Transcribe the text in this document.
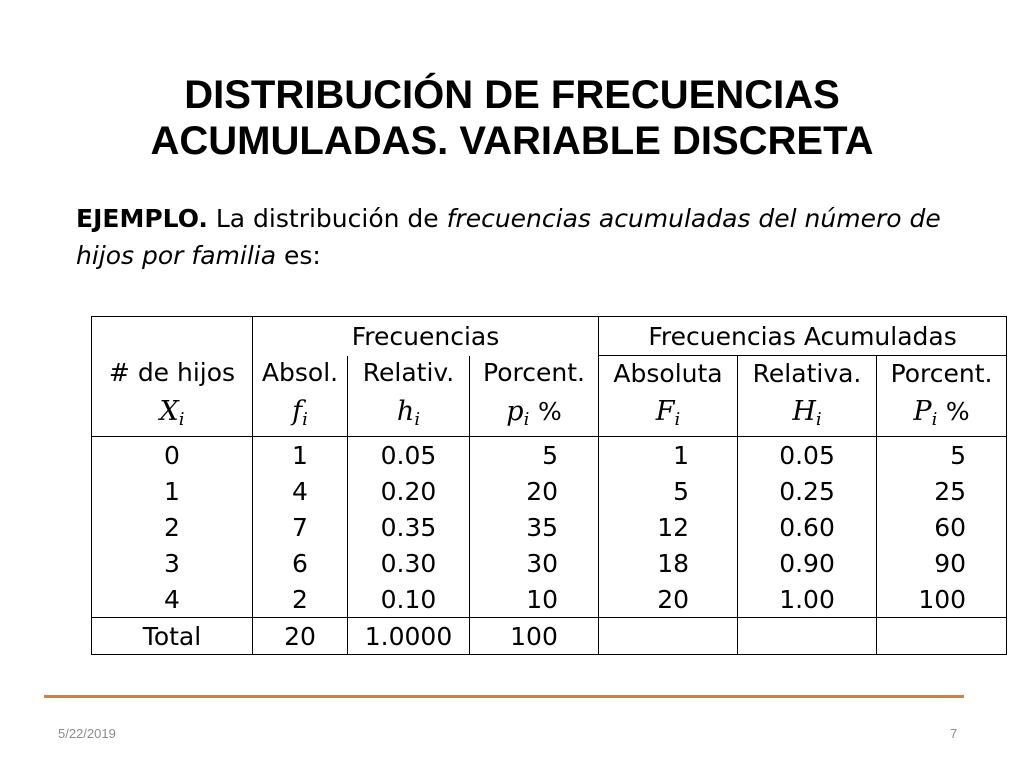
DISTRIBUCIÓN DE FRECUENCIAS
ACUMULADAS. VARIABLE DISCRETA

EJEMPLO. La distribución de frecuencias acumuladas del número de hijos por familia es:

	Frecuencias			Frecuencias Acumuladas		
# de hijos	Absol.	Relativ.	Porcent.	Absoluta	Relativa.	Porcent.
$X_i$	$f_i$	$h_i$	$p_i$ %	$F_i$	$H_i$	$P_i$ %
0	1	0.05	5	1	0.05	5
1	4	0.20	20	5	0.25	25
2	7	0.35	35	12	0.60	60
3	6	0.30	30	18	0.90	90
4	2	0.10	10	20	1.00	100
Total	20	1.0000	100			
5/22/2019	7
